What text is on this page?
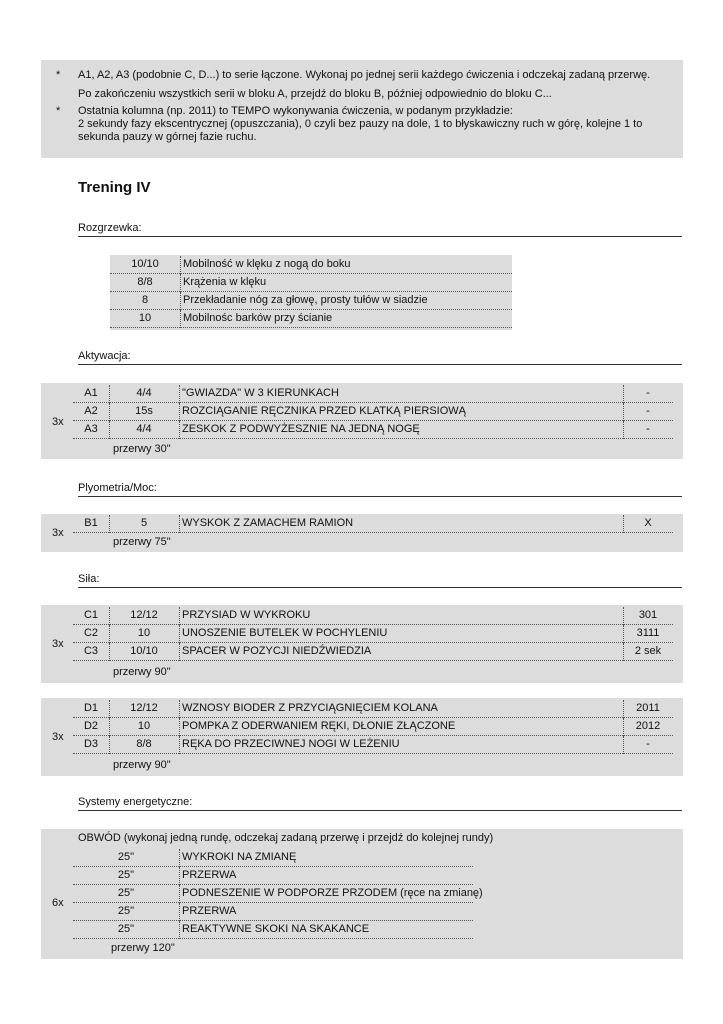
* A1, A2, A3 (podobnie C, D...) to serie łączone. Wykonaj po jednej serii każdego ćwiczenia i odczekaj zadaną przerwę.
Po zakończeniu wszystkich serii w bloku A, przejdź do bloku B, później odpowiednio do bloku C...
* Ostatnia kolumna (np. 2011) to TEMPO wykonywania ćwiczenia, w podanym przykładzie:
2 sekundy fazy ekscentrycznej (opuszczania), 0 czyli bez pauzy na dole, 1 to błyskawiczny ruch w górę, kolejne 1 to
sekunda pauzy w górnej fazie ruchu.
Trening IV
Rozgrzewka:
10/10	Mobilność w klęku z nogą do boku
8/8	Krążenia w klęku
8	Przekładanie nóg za głowę, prosty tułów w siadzie
10	Mobilnośc barków przy ścianie
Aktywacja:
3x
A1	4/4	"GWIAZDA" W 3 KIERUNKACH	-
A2	15s	ROZCIĄGANIE RĘCZNIKA PRZED KLATKĄ PIERSIOWĄ	-
A3	4/4	ZESKOK Z PODWYŻESZNIE NA JEDNĄ NOGĘ	-
przerwy 30"
Plyometria/Moc:
3x
B1	5	WYSKOK Z ZAMACHEM RAMION	X
przerwy 75"
Siła:
3x
C1	12/12	PRZYSIAD W WYKROKU	301
C2	10	UNOSZENIE BUTELEK W POCHYLENIU	3111
C3	10/10	SPACER W POZYCJI NIEDŹWIEDZIA	2 sek
przerwy 90"
3x
D1	12/12	WZNOSY BIODER Z PRZYCIĄGNIĘCIEM KOLANA	2011
D2	10	POMPKA Z ODERWANIEM RĘKI, DŁONIE ZŁĄCZONE	2012
D3	8/8	RĘKA DO PRZECIWNEJ NOGI W LEŻENIU	-
przerwy 90"
Systemy energetyczne:
OBWÓD (wykonaj jedną rundę, odczekaj zadaną przerwę i przejdź do kolejnej rundy)
6x
25"	WYKROKI NA ZMIANĘ
25"	PRZERWA
25"	PODNESZENIE W PODPORZE PRZODEM (ręce na zmianę)
25"	PRZERWA
25"	REAKTYWNE SKOKI NA SKAKANCE
przerwy 120"
